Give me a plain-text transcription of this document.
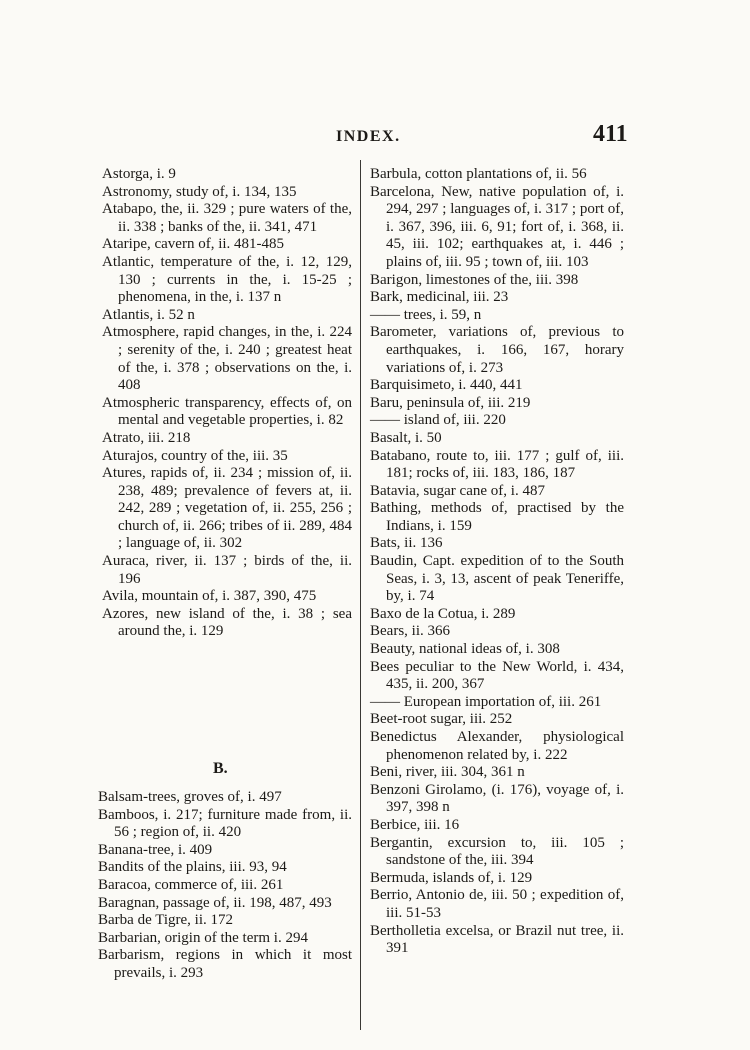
INDEX.	411

Astorga, i. 9

Astronomy, study of, i. 134, 135

Atabapo, the, ii. 329 ; pure waters of the, ii. 338 ; banks of the, ii. 341, 471

Ataripe, cavern of, ii. 481-485

Atlantic, temperature of the, i. 12, 129, 130 ; currents in the, i. 15-25 ; phenomena, in the, i. 137 n

Atlantis, i. 52 n

Atmosphere, rapid changes, in the, i. 224 ; serenity of the, i. 240 ; greatest heat of the, i. 378 ; observations on the, i. 408

Atmospheric transparency, effects of, on mental and vegetable properties, i. 82

Atrato, iii. 218

Aturajos, country of the, iii. 35

Atures, rapids of, ii. 234 ; mission of, ii. 238, 489; prevalence of fevers at, ii. 242, 289 ; vegetation of, ii. 255, 256 ; church of, ii. 266; tribes of ii. 289, 484 ; language of, ii. 302

Auraca, river, ii. 137 ; birds of the, ii. 196

Avila, mountain of, i. 387, 390, 475

Azores, new island of the, i. 38 ; sea around the, i. 129

B.

Balsam-trees, groves of, i. 497

Bamboos, i. 217; furniture made from, ii. 56 ; region of, ii. 420

Banana-tree, i. 409

Bandits of the plains, iii. 93, 94

Baracoa, commerce of, iii. 261

Baragnan, passage of, ii. 198, 487, 493

Barba de Tigre, ii. 172

Barbarian, origin of the term i. 294

Barbarism, regions in which it most prevails, i. 293

Barbula, cotton plantations of, ii. 56

Barcelona, New, native population of, i. 294, 297 ; languages of, i. 317 ; port of, i. 367, 396, iii. 6, 91; fort of, i. 368, ii. 45, iii. 102; earthquakes at, i. 446 ; plains of, iii. 95 ; town of, iii. 103

Barigon, limestones of the, iii. 398

Bark, medicinal, iii. 23

—— trees, i. 59, n

Barometer, variations of, previous to earthquakes, i. 166, 167, horary variations of, i. 273

Barquisimeto, i. 440, 441

Baru, peninsula of, iii. 219

—— island of, iii. 220

Basalt, i. 50

Batabano, route to, iii. 177 ; gulf of, iii. 181; rocks of, iii. 183, 186, 187

Batavia, sugar cane of, i. 487

Bathing, methods of, practised by the Indians, i. 159

Bats, ii. 136

Baudin, Capt. expedition of to the South Seas, i. 3, 13, ascent of peak Teneriffe, by, i. 74

Baxo de la Cotua, i. 289

Bears, ii. 366

Beauty, national ideas of, i. 308

Bees peculiar to the New World, i. 434, 435, ii. 200, 367

—— European importation of, iii. 261

Beet-root sugar, iii. 252

Benedictus Alexander, physiological phenomenon related by, i. 222

Beni, river, iii. 304, 361 n

Benzoni Girolamo, (i. 176), voyage of, i. 397, 398 n

Berbice, iii. 16

Bergantin, excursion to, iii. 105 ; sandstone of the, iii. 394

Bermuda, islands of, i. 129

Berrio, Antonio de, iii. 50 ; expedition of, iii. 51-53

Bertholletia excelsa, or Brazil nut tree, ii. 391
